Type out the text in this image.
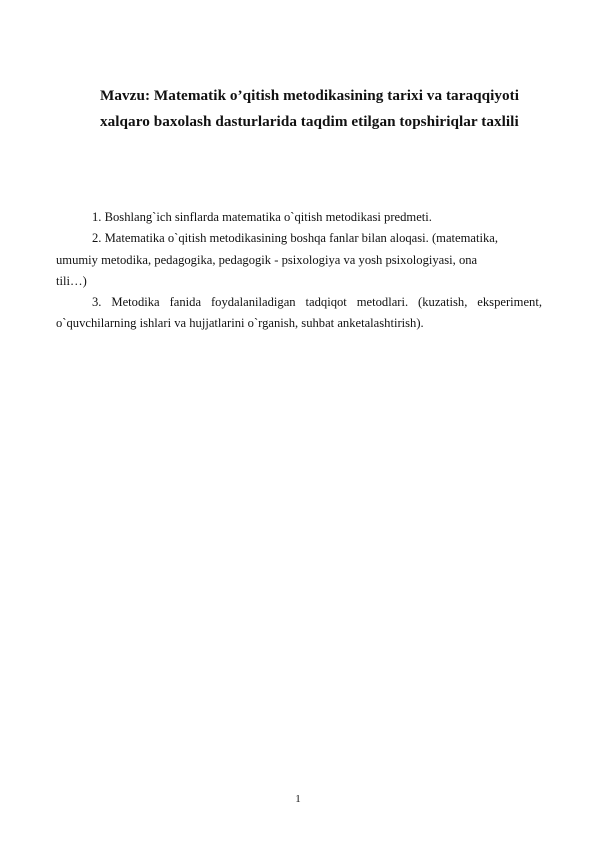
Mavzu: Matematik o’qitish metodikasining tarixi va taraqqiyoti
xalqaro baxolash dasturlarida taqdim etilgan topshiriqlar taxlili

1. Boshlang`ich sinflarda matematika o`qitish metodikasi predmeti.

2. Matematika o`qitish metodikasining boshqa fanlar bilan aloqasi. (matematika,
umumiy metodika, pedagogika, pedagogik - psixologiya va yosh psixologiyasi, ona
tili…)

3. Metodika fanida foydalaniladigan tadqiqot metodlari. (kuzatish, eksperiment,
o`quvchilarning ishlari va hujjatlarini o`rganish, suhbat anketalashtirish).

1
